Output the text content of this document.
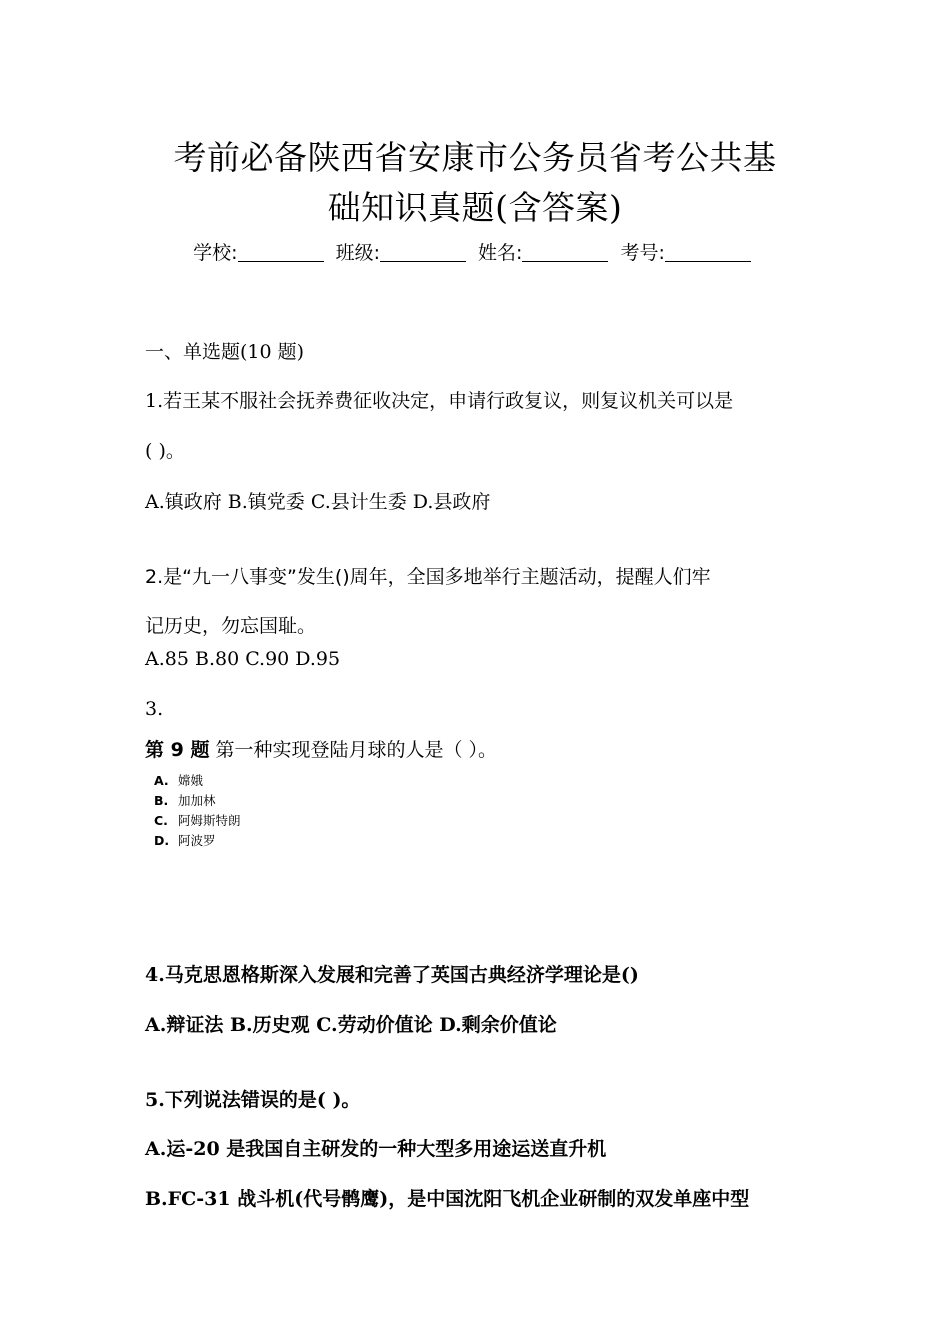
考前必备陕西省安康市公务员省考公共基
础知识真题(含答案)
学校:	班级:	姓名:	考号:
一、单选题(10 题)
1.若王某不服社会抚养费征收决定，申请行政复议，则复议机关可以是
( )。
A.镇政府 B.镇党委 C.县计生委 D.县政府
2.是“九一八事变”发生()周年，全国多地举行主题活动，提醒人们牢
记历史，勿忘国耻。
A.85 B.80 C.90 D.95
3.
第 9 题 第一种实现登陆月球的人是（ ）。
A. 嫦娥
B. 加加林
C. 阿姆斯特朗
D. 阿波罗
4.马克思恩格斯深入发展和完善了英国古典经济学理论是()
A.辩证法 B.历史观 C.劳动价值论 D.剩余价值论
5.下列说法错误的是( )。
A.运-20 是我国自主研发的一种大型多用途运送直升机
B.FC-31 战斗机(代号鹘鹰)，是中国沈阳飞机企业研制的双发单座中型
